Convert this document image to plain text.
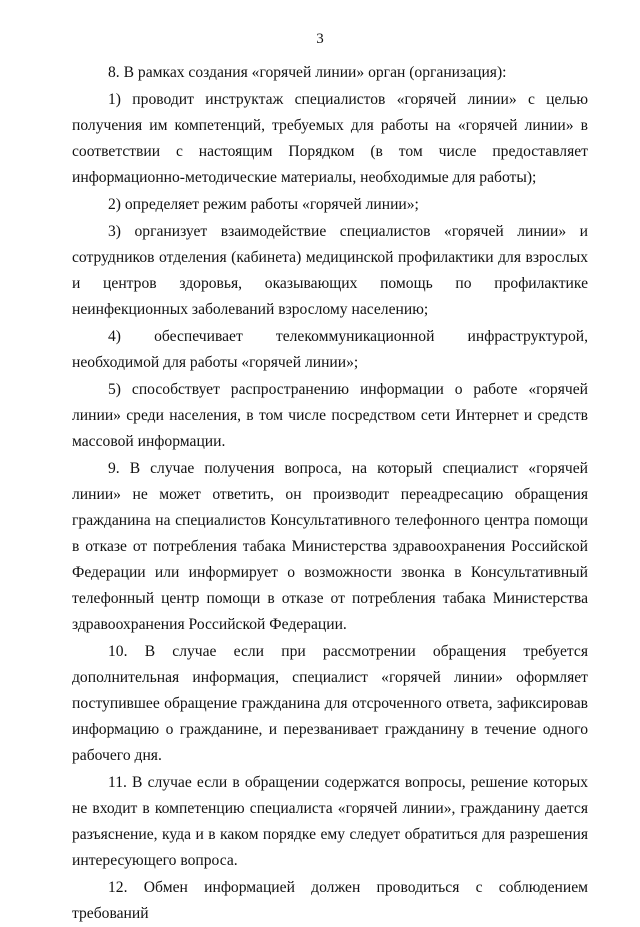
3

8. В рамках создания «горячей линии» орган (организация):

1) проводит инструктаж специалистов «горячей линии» с целью получения им компетенций, требуемых для работы на «горячей линии» в соответствии с настоящим Порядком (в том числе предоставляет информационно-методические материалы, необходимые для работы);

2) определяет режим работы «горячей линии»;

3) организует взаимодействие специалистов «горячей линии» и сотрудников отделения (кабинета) медицинской профилактики для взрослых и центров здоровья, оказывающих помощь по профилактике неинфекционных заболеваний взрослому населению;

4) обеспечивает телекоммуникационной инфраструктурой, необходимой для работы «горячей линии»;

5) способствует распространению информации о работе «горячей линии» среди населения, в том числе посредством сети Интернет и средств массовой информации.

9. В случае получения вопроса, на который специалист «горячей линии» не может ответить, он производит переадресацию обращения гражданина на специалистов Консультативного телефонного центра помощи в отказе от потребления табака Министерства здравоохранения Российской Федерации или информирует о возможности звонка в Консультативный телефонный центр помощи в отказе от потребления табака Министерства здравоохранения Российской Федерации.

10. В случае если при рассмотрении обращения требуется дополнительная информация, специалист «горячей линии» оформляет поступившее обращение гражданина для отсроченного ответа, зафиксировав информацию о гражданине, и перезванивает гражданину в течение одного рабочего дня.

11. В случае если в обращении содержатся вопросы, решение которых не входит в компетенцию специалиста «горячей линии», гражданину дается разъяснение, куда и в каком порядке ему следует обратиться для разрешения интересующего вопроса.

12. Обмен информацией должен проводиться с соблюдением требований
